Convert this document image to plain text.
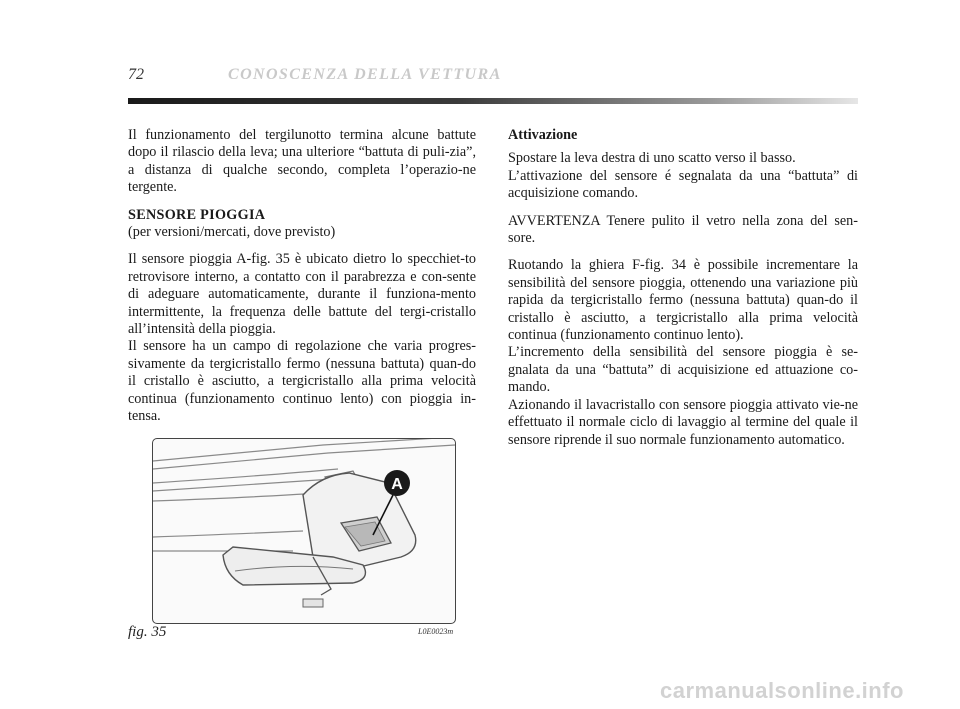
72	CONOSCENZA DELLA VETTURA

Il funzionamento del tergilunotto termina alcune battute dopo il rilascio della leva; una ulteriore “battuta di puli-zia”, a distanza di qualche secondo, completa l’operazio-ne tergente.

SENSORE PIOGGIA
(per versioni/mercati, dove previsto)

Il sensore pioggia A-fig. 35 è ubicato dietro lo specchiet-to retrovisore interno, a contatto con il parabrezza e con-sente di adeguare automaticamente, durante il funziona-mento intermittente, la frequenza delle battute del tergi-cristallo all’intensità della pioggia.

Il sensore ha un campo di regolazione che varia progres-sivamente da tergicristallo fermo (nessuna battuta) quan-do il cristallo è asciutto, a tergicristallo alla prima velocità continua (funzionamento continuo lento) con pioggia in-tensa.

Attivazione

Spostare la leva destra di uno scatto verso il basso.

L’attivazione del sensore é segnalata da una “battuta” di acquisizione comando.

AVVERTENZA Tenere pulito il vetro nella zona del sen-sore.

Ruotando la ghiera F-fig. 34 è possibile incrementare la sensibilità del sensore pioggia, ottenendo una variazione più rapida da tergicristallo fermo (nessuna battuta) quan-do il cristallo è asciutto, a tergicristallo alla prima velocità continua (funzionamento continuo lento).

L’incremento della sensibilità del sensore pioggia è se-gnalata da una “battuta” di acquisizione ed attuazione co-mando.

Azionando il lavacristallo con sensore pioggia attivato vie-ne effettuato il normale ciclo di lavaggio al termine del quale il sensore riprende il suo normale funzionamento automatico.

A
fig. 35	L0E0023m
carmanualsonline.info
